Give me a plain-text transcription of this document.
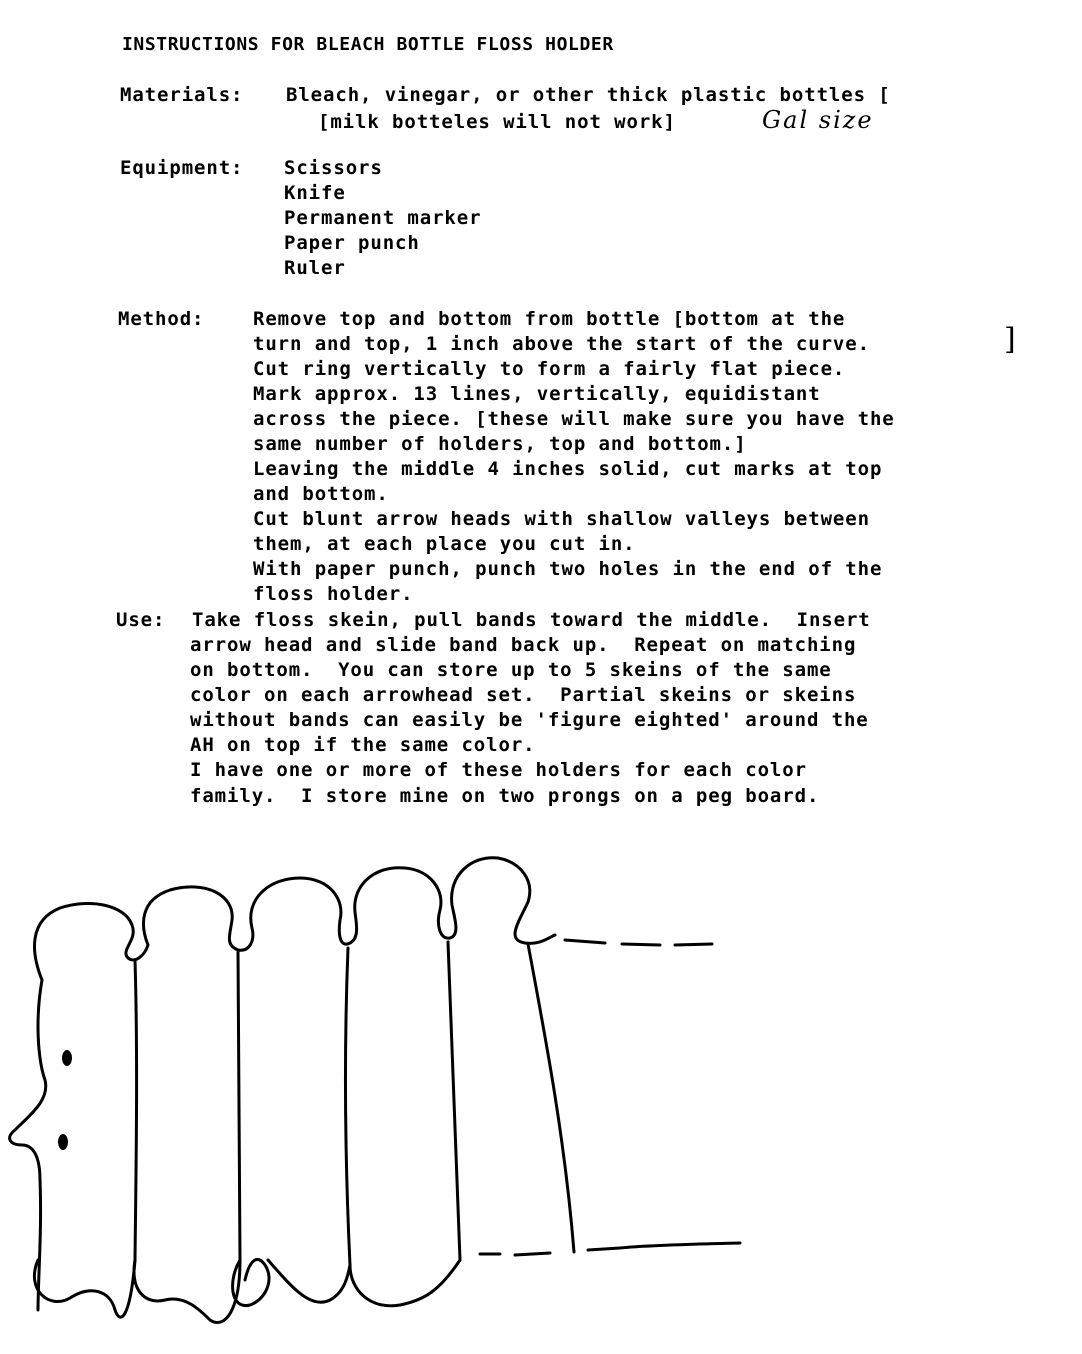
INSTRUCTIONS FOR BLEACH BOTTLE FLOSS HOLDER
Materials: Bleach, vinegar, or other thick plastic bottles [
[milk botteles will not work]	Gal size
Equipment: Scissors
Knife
Permanent marker
Paper punch
Ruler
Method:	Remove top and bottom from bottle [bottom at the
turn and top, 1 inch above the start of the curve.	]
Cut ring vertically to form a fairly flat piece.
Mark approx. 13 lines, vertically, equidistant
across the piece. [these will make sure you have the
same number of holders, top and bottom.]
Leaving the middle 4 inches solid, cut marks at top
and bottom.
Cut blunt arrow heads with shallow valleys between
them, at each place you cut in.
With paper punch, punch two holes in the end of the
floss holder.
Use: Take floss skein, pull bands toward the middle.  Insert
arrow head and slide band back up.  Repeat on matching
on bottom.  You can store up to 5 skeins of the same
color on each arrowhead set.  Partial skeins or skeins
without bands can easily be 'figure eighted' around the
AH on top if the same color.
I have one or more of these holders for each color
family.  I store mine on two prongs on a peg board.
